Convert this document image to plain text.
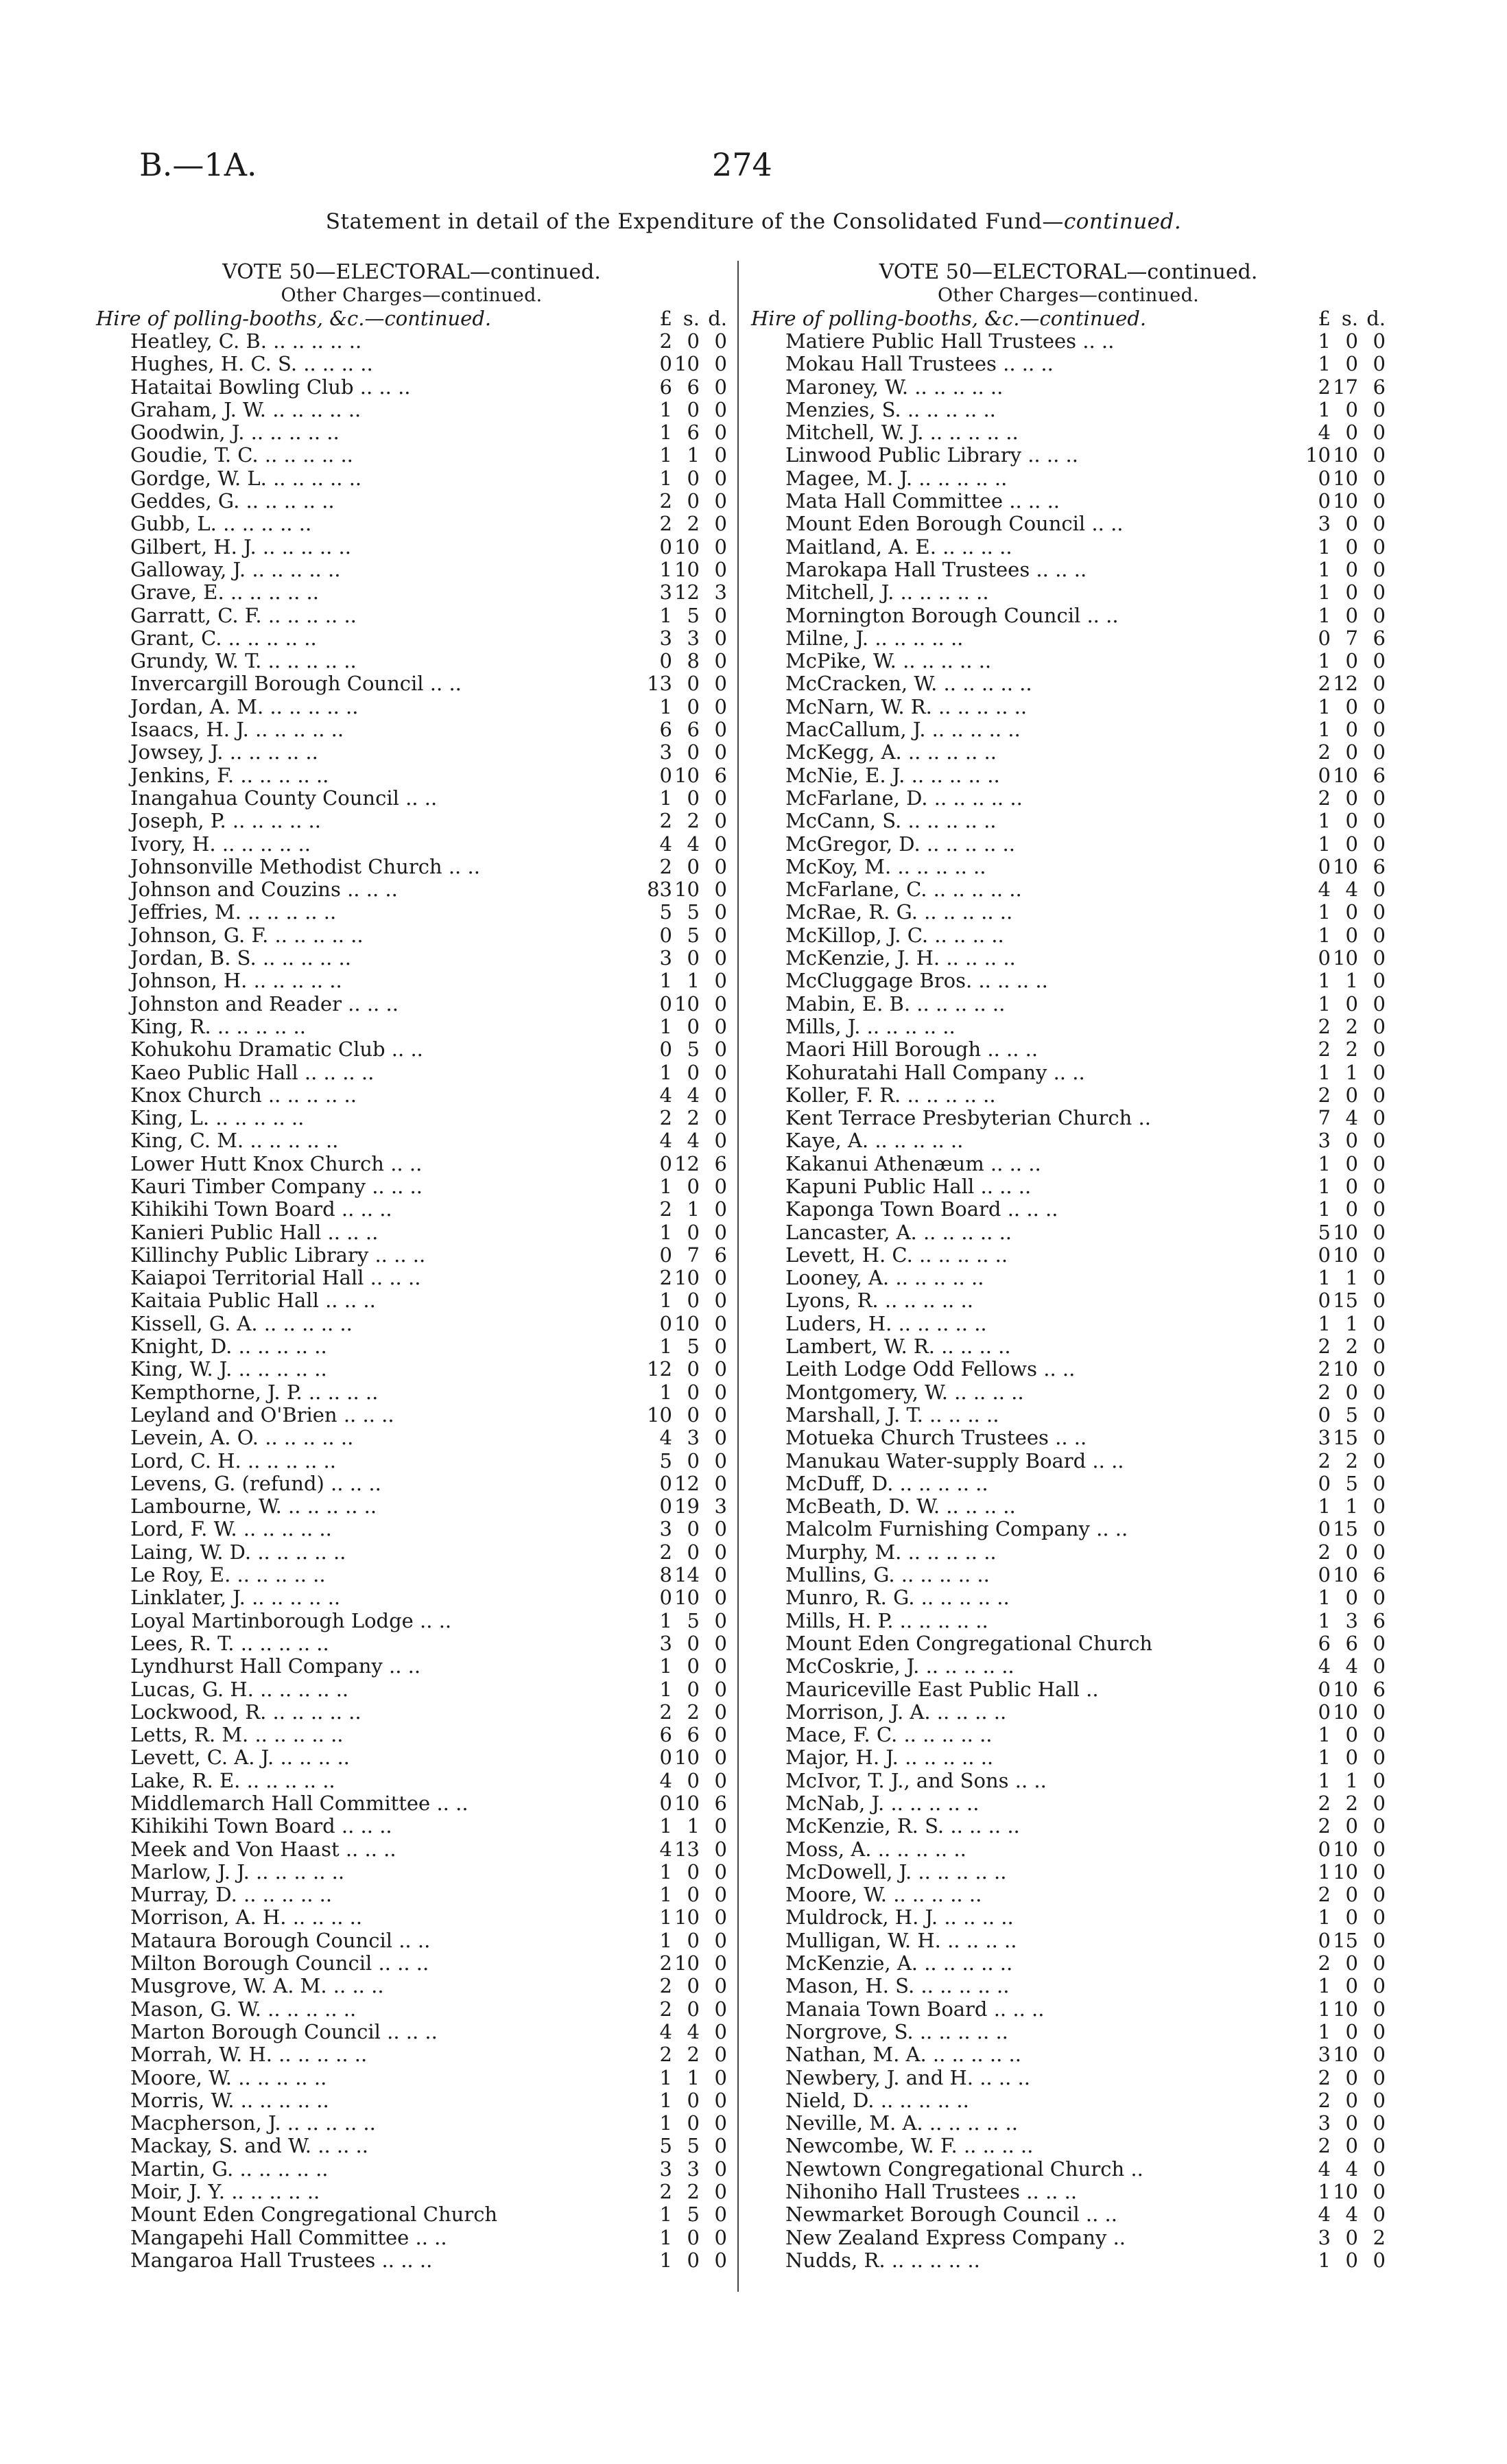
B.—1A.	274
Statement in detail of the Expenditure of the Consolidated Fund—continued.
VOTE 50—ELECTORAL—continued.
Other Charges—continued.
Hire of polling-booths, &c.—continued.	£ s. d.
Heatley, C. B. .. .. .. .. ..	2 0 0
Hughes, H. C. S. .. .. .. ..	0 10 0
Hataitai Bowling Club .. .. ..	6 6 0
Graham, J. W. .. .. .. .. ..	1 0 0
Goodwin, J. .. .. .. .. ..	1 6 0
Goudie, T. C. .. .. .. .. ..	1 1 0
Gordge, W. L. .. .. .. .. ..	1 0 0
Geddes, G. .. .. .. .. ..	2 0 0
Gubb, L. .. .. .. .. ..	2 2 0
Gilbert, H. J. .. .. .. .. ..	0 10 0
Galloway, J. .. .. .. .. ..	1 10 0
Grave, E. .. .. .. .. ..	3 12 3
Garratt, C. F. .. .. .. .. ..	1 5 0
Grant, C. .. .. .. .. ..	3 3 0
Grundy, W. T. .. .. .. .. ..	0 8 0
Invercargill Borough Council .. ..	13 0 0
Jordan, A. M. .. .. .. .. ..	1 0 0
Isaacs, H. J. .. .. .. .. ..	6 6 0
Jowsey, J. .. .. .. .. ..	3 0 0
Jenkins, F. .. .. .. .. ..	0 10 6
Inangahua County Council .. ..	1 0 0
Joseph, P. .. .. .. .. ..	2 2 0
Ivory, H. .. .. .. .. ..	4 4 0
Johnsonville Methodist Church .. ..	2 0 0
Johnson and Couzins .. .. ..	83 10 0
Jeffries, M. .. .. .. .. ..	5 5 0
Johnson, G. F. .. .. .. .. ..	0 5 0
Jordan, B. S. .. .. .. .. ..	3 0 0
Johnson, H. .. .. .. .. ..	1 1 0
Johnston and Reader .. .. ..	0 10 0
King, R. .. .. .. .. ..	1 0 0
Kohukohu Dramatic Club .. ..	0 5 0
Kaeo Public Hall .. .. .. ..	1 0 0
Knox Church .. .. .. .. ..	4 4 0
King, L. .. .. .. .. ..	2 2 0
King, C. M. .. .. .. .. ..	4 4 0
Lower Hutt Knox Church .. ..	0 12 6
Kauri Timber Company .. .. ..	1 0 0
Kihikihi Town Board .. .. ..	2 1 0
Kanieri Public Hall .. .. ..	1 0 0
Killinchy Public Library .. .. ..	0 7 6
Kaiapoi Territorial Hall .. .. ..	2 10 0
Kaitaia Public Hall .. .. ..	1 0 0
Kissell, G. A. .. .. .. .. ..	0 10 0
Knight, D. .. .. .. .. ..	1 5 0
King, W. J. .. .. .. .. ..	12 0 0
Kempthorne, J. P. .. .. .. ..	1 0 0
Leyland and O'Brien .. .. ..	10 0 0
Levein, A. O. .. .. .. .. ..	4 3 0
Lord, C. H. .. .. .. .. ..	5 0 0
Levens, G. (refund) .. .. ..	0 12 0
Lambourne, W. .. .. .. .. ..	0 19 3
Lord, F. W. .. .. .. .. ..	3 0 0
Laing, W. D. .. .. .. .. ..	2 0 0
Le Roy, E. .. .. .. .. ..	8 14 0
Linklater, J. .. .. .. .. ..	0 10 0
Loyal Martinborough Lodge .. ..	1 5 0
Lees, R. T. .. .. .. .. ..	3 0 0
Lyndhurst Hall Company .. ..	1 0 0
Lucas, G. H. .. .. .. .. ..	1 0 0
Lockwood, R. .. .. .. .. ..	2 2 0
Letts, R. M. .. .. .. .. ..	6 6 0
Levett, C. A. J. .. .. .. ..	0 10 0
Lake, R. E. .. .. .. .. ..	4 0 0
Middlemarch Hall Committee .. ..	0 10 6
Kihikihi Town Board .. .. ..	1 1 0
Meek and Von Haast .. .. ..	4 13 0
Marlow, J. J. .. .. .. .. ..	1 0 0
Murray, D. .. .. .. .. ..	1 0 0
Morrison, A. H. .. .. .. ..	1 10 0
Mataura Borough Council .. ..	1 0 0
Milton Borough Council .. .. ..	2 10 0
Musgrove, W. A. M. .. .. ..	2 0 0
Mason, G. W. .. .. .. .. ..	2 0 0
Marton Borough Council .. .. ..	4 4 0
Morrah, W. H. .. .. .. .. ..	2 2 0
Moore, W. .. .. .. .. ..	1 1 0
Morris, W. .. .. .. .. ..	1 0 0
Macpherson, J. .. .. .. .. ..	1 0 0
Mackay, S. and W. .. .. ..	5 5 0
Martin, G. .. .. .. .. ..	3 3 0
Moir, J. Y. .. .. .. .. ..	2 2 0
Mount Eden Congregational Church	1 5 0
Mangapehi Hall Committee .. ..	1 0 0
Mangaroa Hall Trustees .. .. ..	1 0 0
VOTE 50—ELECTORAL—continued.
Other Charges—continued.
Hire of polling-booths, &c.—continued.	£ s. d.
Matiere Public Hall Trustees .. ..	1 0 0
Mokau Hall Trustees .. .. ..	1 0 0
Maroney, W. .. .. .. .. ..	2 17 6
Menzies, S. .. .. .. .. ..	1 0 0
Mitchell, W. J. .. .. .. .. ..	4 0 0
Linwood Public Library .. .. ..	10 10 0
Magee, M. J. .. .. .. .. ..	0 10 0
Mata Hall Committee .. .. ..	0 10 0
Mount Eden Borough Council .. ..	3 0 0
Maitland, A. E. .. .. .. ..	1 0 0
Marokapa Hall Trustees .. .. ..	1 0 0
Mitchell, J. .. .. .. .. ..	1 0 0
Mornington Borough Council .. ..	1 0 0
Milne, J. .. .. .. .. ..	0 7 6
McPike, W. .. .. .. .. ..	1 0 0
McCracken, W. .. .. .. .. ..	2 12 0
McNarn, W. R. .. .. .. .. ..	1 0 0
MacCallum, J. .. .. .. .. ..	1 0 0
McKegg, A. .. .. .. .. ..	2 0 0
McNie, E. J. .. .. .. .. ..	0 10 6
McFarlane, D. .. .. .. .. ..	2 0 0
McCann, S. .. .. .. .. ..	1 0 0
McGregor, D. .. .. .. .. ..	1 0 0
McKoy, M. .. .. .. .. ..	0 10 6
McFarlane, C. .. .. .. .. ..	4 4 0
McRae, R. G. .. .. .. .. ..	1 0 0
McKillop, J. C. .. .. .. ..	1 0 0
McKenzie, J. H. .. .. .. ..	0 10 0
McCluggage Bros. .. .. .. ..	1 1 0
Mabin, E. B. .. .. .. .. ..	1 0 0
Mills, J. .. .. .. .. ..	2 2 0
Maori Hill Borough .. .. ..	2 2 0
Kohuratahi Hall Company .. ..	1 1 0
Koller, F. R. .. .. .. .. ..	2 0 0
Kent Terrace Presbyterian Church ..	7 4 0
Kaye, A. .. .. .. .. ..	3 0 0
Kakanui Athenæum .. .. ..	1 0 0
Kapuni Public Hall .. .. ..	1 0 0
Kaponga Town Board .. .. ..	1 0 0
Lancaster, A. .. .. .. .. ..	5 10 0
Levett, H. C. .. .. .. .. ..	0 10 0
Looney, A. .. .. .. .. ..	1 1 0
Lyons, R. .. .. .. .. ..	0 15 0
Luders, H. .. .. .. .. ..	1 1 0
Lambert, W. R. .. .. .. ..	2 2 0
Leith Lodge Odd Fellows .. ..	2 10 0
Montgomery, W. .. .. .. ..	2 0 0
Marshall, J. T. .. .. .. ..	0 5 0
Motueka Church Trustees .. ..	3 15 0
Manukau Water-supply Board .. ..	2 2 0
McDuff, D. .. .. .. .. ..	0 5 0
McBeath, D. W. .. .. .. ..	1 1 0
Malcolm Furnishing Company .. ..	0 15 0
Murphy, M. .. .. .. .. ..	2 0 0
Mullins, G. .. .. .. .. ..	0 10 6
Munro, R. G. .. .. .. .. ..	1 0 0
Mills, H. P. .. .. .. .. ..	1 3 6
Mount Eden Congregational Church	6 6 0
McCoskrie, J. .. .. .. .. ..	4 4 0
Mauriceville East Public Hall ..	0 10 6
Morrison, J. A. .. .. .. ..	0 10 0
Mace, F. C. .. .. .. .. ..	1 0 0
Major, H. J. .. .. .. .. ..	1 0 0
McIvor, T. J., and Sons .. ..	1 1 0
McNab, J. .. .. .. .. ..	2 2 0
McKenzie, R. S. .. .. .. ..	2 0 0
Moss, A. .. .. .. .. ..	0 10 0
McDowell, J. .. .. .. .. ..	1 10 0
Moore, W. .. .. .. .. ..	2 0 0
Muldrock, H. J. .. .. .. ..	1 0 0
Mulligan, W. H. .. .. .. ..	0 15 0
McKenzie, A. .. .. .. .. ..	2 0 0
Mason, H. S. .. .. .. .. ..	1 0 0
Manaia Town Board .. .. ..	1 10 0
Norgrove, S. .. .. .. .. ..	1 0 0
Nathan, M. A. .. .. .. .. ..	3 10 0
Newbery, J. and H. .. .. ..	2 0 0
Nield, D. .. .. .. .. ..	2 0 0
Neville, M. A. .. .. .. .. ..	3 0 0
Newcombe, W. F. .. .. .. ..	2 0 0
Newtown Congregational Church ..	4 4 0
Nihoniho Hall Trustees .. .. ..	1 10 0
Newmarket Borough Council .. ..	4 4 0
New Zealand Express Company ..	3 0 2
Nudds, R. .. .. .. .. ..	1 0 0
